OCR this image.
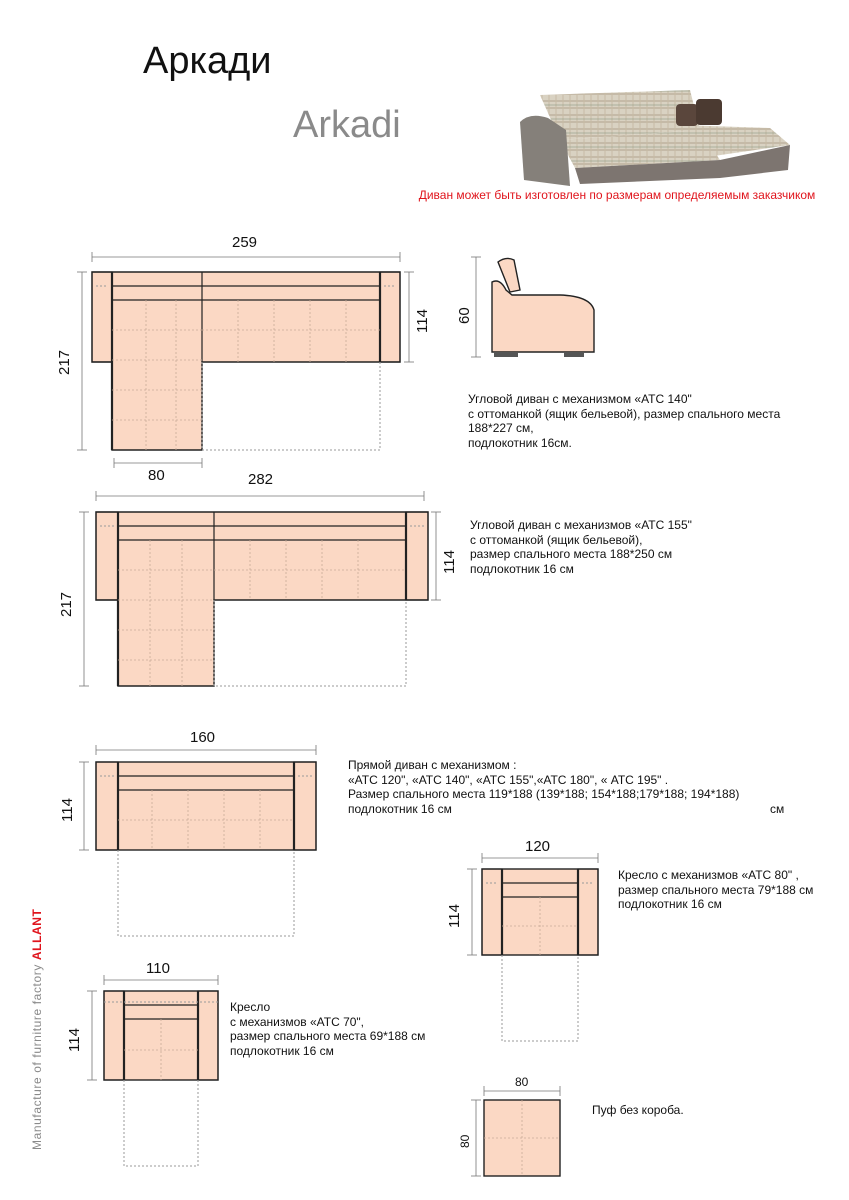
Аркади
Arkadi
Диван может быть изготовлен по размерам определяемым заказчиком
259
217
114
80
60
Угловой диван с механизмом «АТС 140"
с оттоманкой (ящик бельевой), размер спального места
188*227 см,
подлокотник 16см.
282
217
114
Угловой диван с механизмов «АТС 155"
с оттоманкой (ящик бельевой),
размер спального места 188*250 см
подлокотник 16 см
160
114
Прямой диван с механизмом :
«АТС 120", «АТС 140", «АТС 155",«АТС 180", « АТС 195" .
Размер спального места 119*188 (139*188; 154*188;179*188; 194*188)
подлокотник 16 см	см
120
114
Кресло с механизмов «АТС 80" ,
размер спального места 79*188 см
подлокотник 16 см
110
114
Кресло
с механизмов «АТС 70",
размер спального места 69*188 см
подлокотник 16 см
80
80
Пуф без короба.
Manufacture of furniture factory ALLANT
